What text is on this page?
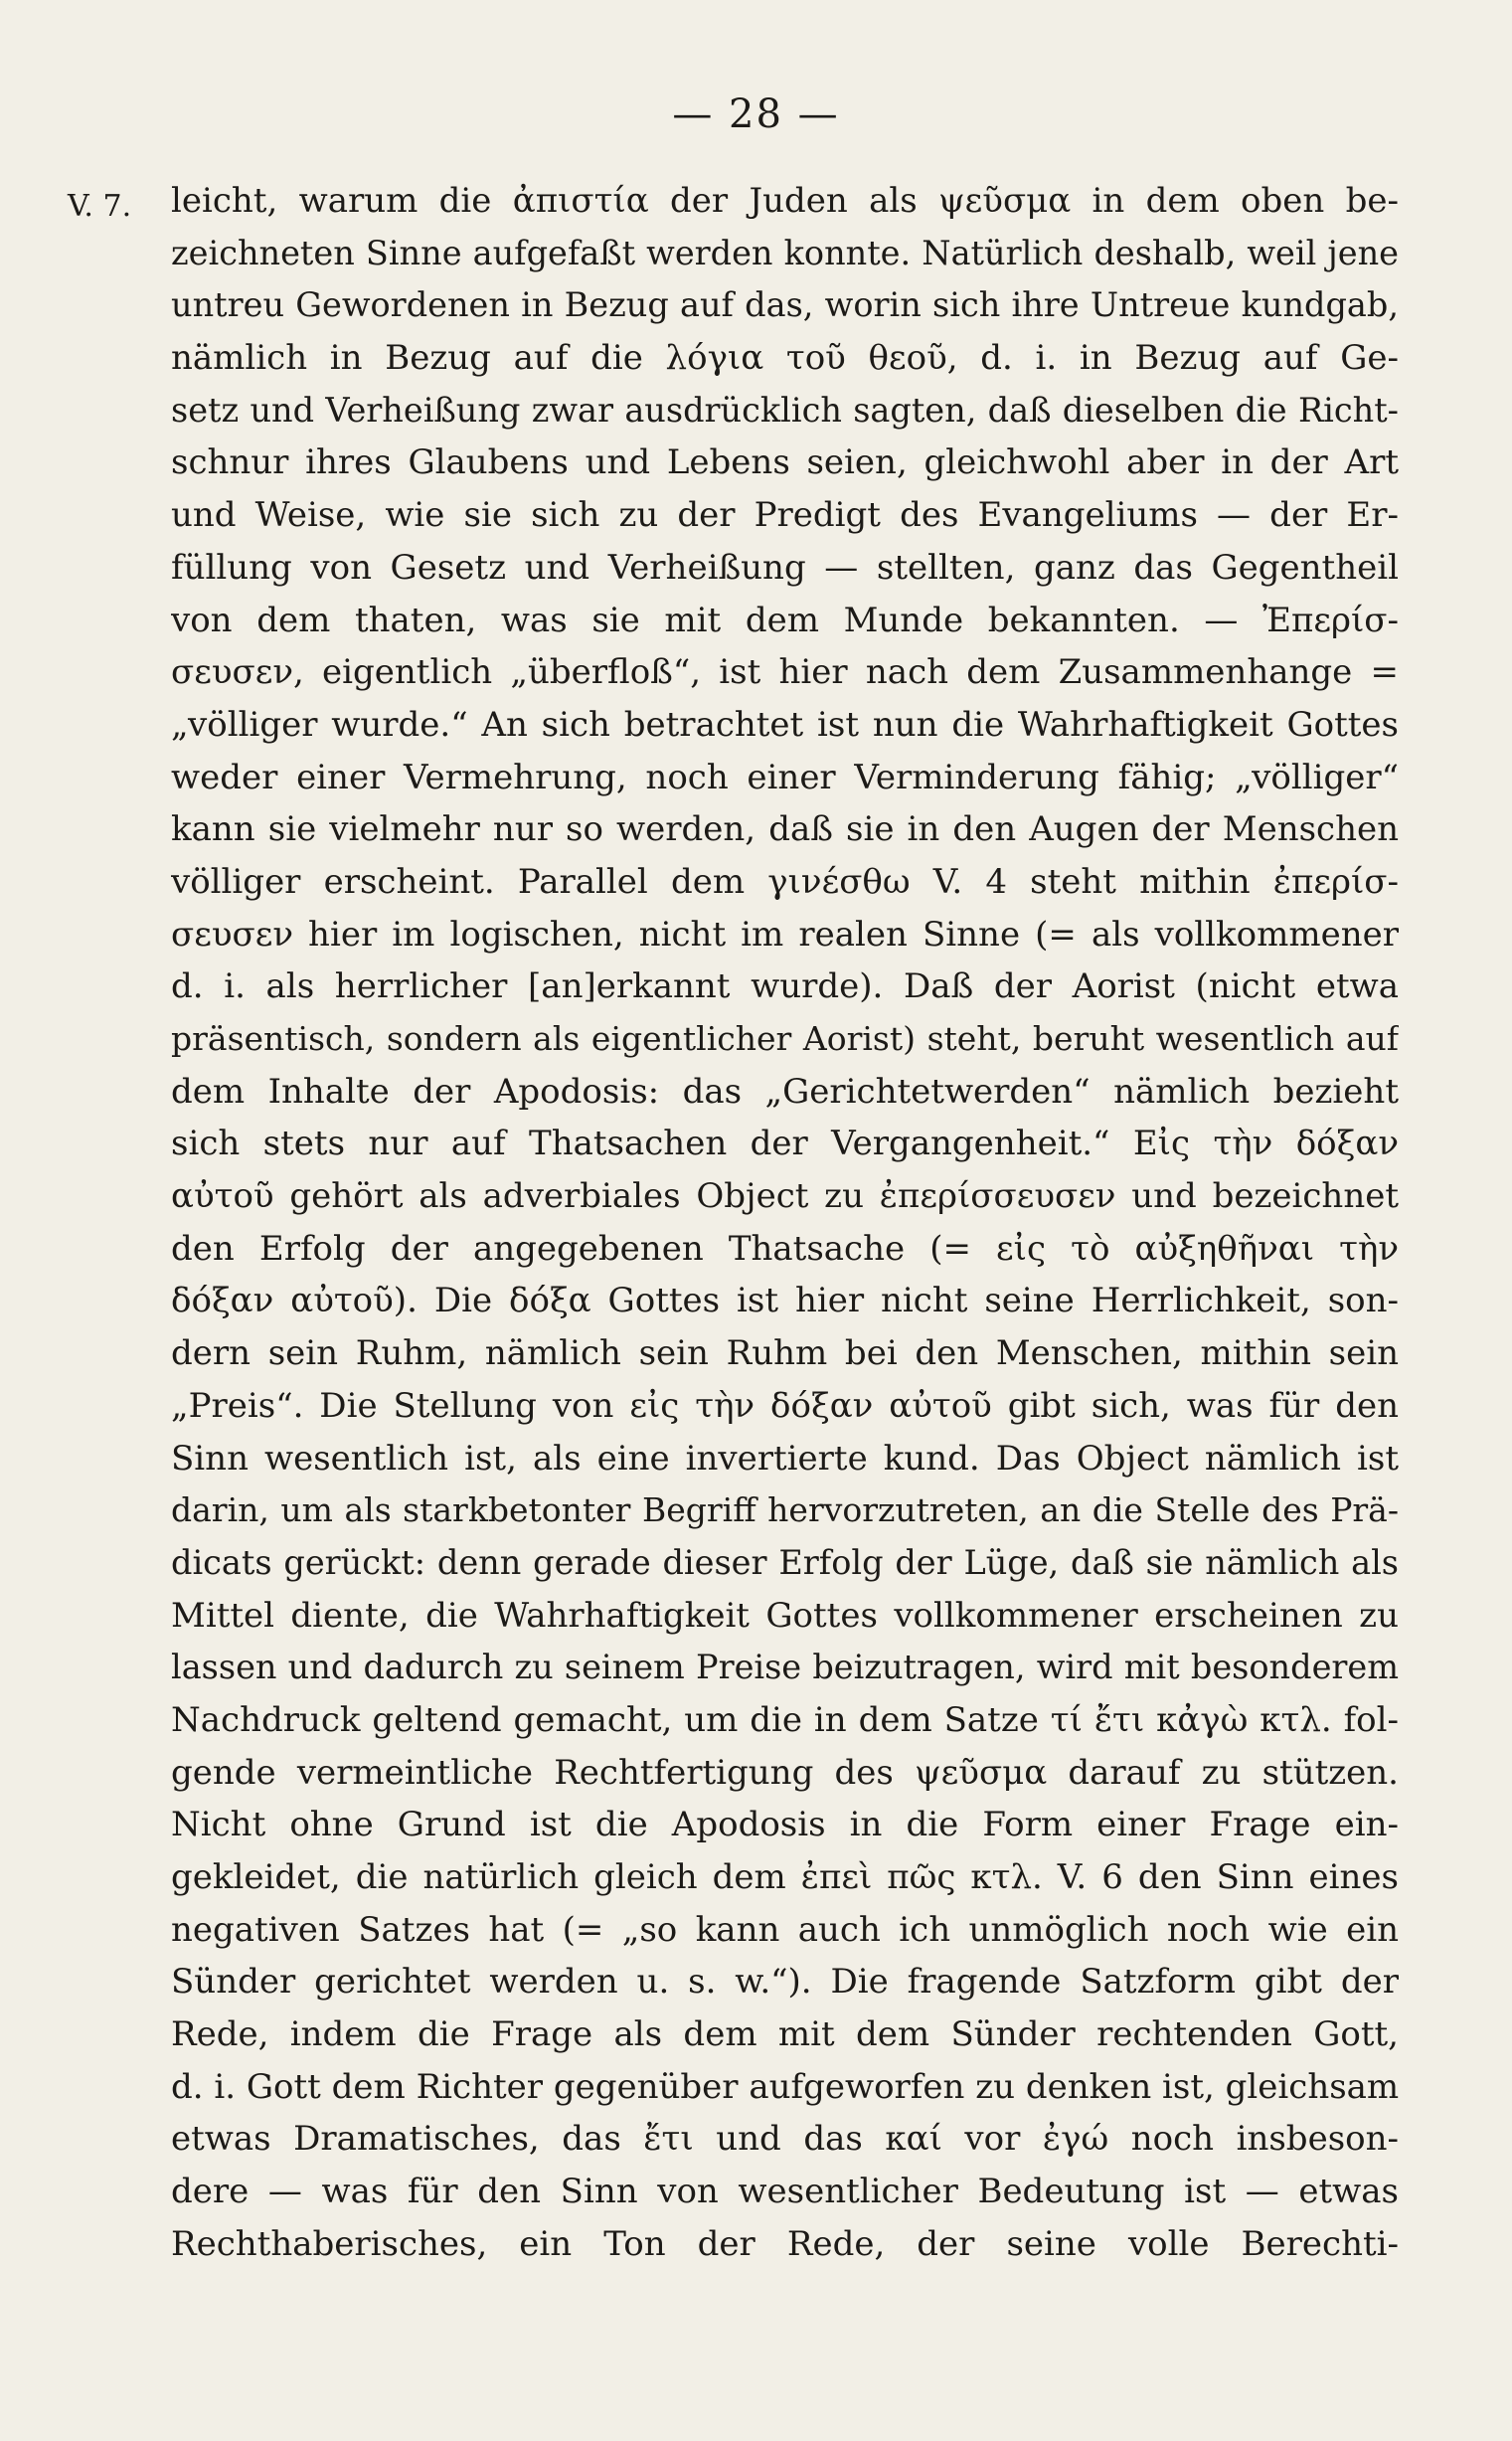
— 28 —
V. 7. leicht, warum die ἀπιστία der Juden als ψεῦσμα in dem oben be-
zeichneten Sinne aufgefaßt werden konnte. Natürlich deshalb, weil jene
untreu Gewordenen in Bezug auf das, worin sich ihre Untreue kundgab,
nämlich in Bezug auf die λόγια τοῦ θεοῦ, d. i. in Bezug auf Ge-
setz und Verheißung zwar ausdrücklich sagten, daß dieselben die Richt-
schnur ihres Glaubens und Lebens seien, gleichwohl aber in der Art
und Weise, wie sie sich zu der Predigt des Evangeliums — der Er-
füllung von Gesetz und Verheißung — stellten, ganz das Gegentheil
von dem thaten, was sie mit dem Munde bekannten. — Ἐπερίσ-
σευσεν, eigentlich „überfloß“, ist hier nach dem Zusammenhange =
„völliger wurde.“ An sich betrachtet ist nun die Wahrhaftigkeit Gottes
weder einer Vermehrung, noch einer Verminderung fähig; „völliger“
kann sie vielmehr nur so werden, daß sie in den Augen der Menschen
völliger erscheint. Parallel dem γινέσθω V. 4 steht mithin ἐπερίσ-
σευσεν hier im logischen, nicht im realen Sinne (= als vollkommener
d. i. als herrlicher [an]erkannt wurde). Daß der Aorist (nicht etwa
präsentisch, sondern als eigentlicher Aorist) steht, beruht wesentlich auf
dem Inhalte der Apodosis: das „Gerichtetwerden“ nämlich bezieht
sich stets nur auf Thatsachen der Vergangenheit.“ Εἰς τὴν δόξαν
αὐτοῦ gehört als adverbiales Object zu ἐπερίσσευσεν und bezeichnet
den Erfolg der angegebenen Thatsache (= εἰς τὸ αὐξηθῆναι τὴν
δόξαν αὐτοῦ). Die δόξα Gottes ist hier nicht seine Herrlichkeit, son-
dern sein Ruhm, nämlich sein Ruhm bei den Menschen, mithin sein
„Preis“. Die Stellung von εἰς τὴν δόξαν αὐτοῦ gibt sich, was für den
Sinn wesentlich ist, als eine invertierte kund. Das Object nämlich ist
darin, um als starkbetonter Begriff hervorzutreten, an die Stelle des Prä-
dicats gerückt: denn gerade dieser Erfolg der Lüge, daß sie nämlich als
Mittel diente, die Wahrhaftigkeit Gottes vollkommener erscheinen zu
lassen und dadurch zu seinem Preise beizutragen, wird mit besonderem
Nachdruck geltend gemacht, um die in dem Satze τί ἔτι κἀγὼ κτλ. fol-
gende vermeintliche Rechtfertigung des ψεῦσμα darauf zu stützen.
Nicht ohne Grund ist die Apodosis in die Form einer Frage ein-
gekleidet, die natürlich gleich dem ἐπεὶ πῶς κτλ. V. 6 den Sinn eines
negativen Satzes hat (= „so kann auch ich unmöglich noch wie ein
Sünder gerichtet werden u. s. w.“). Die fragende Satzform gibt der
Rede, indem die Frage als dem mit dem Sünder rechtenden Gott,
d. i. Gott dem Richter gegenüber aufgeworfen zu denken ist, gleichsam
etwas Dramatisches, das ἔτι und das καί vor ἐγώ noch insbeson-
dere — was für den Sinn von wesentlicher Bedeutung ist — etwas
Rechthaberisches, ein Ton der Rede, der seine volle Berechti-
